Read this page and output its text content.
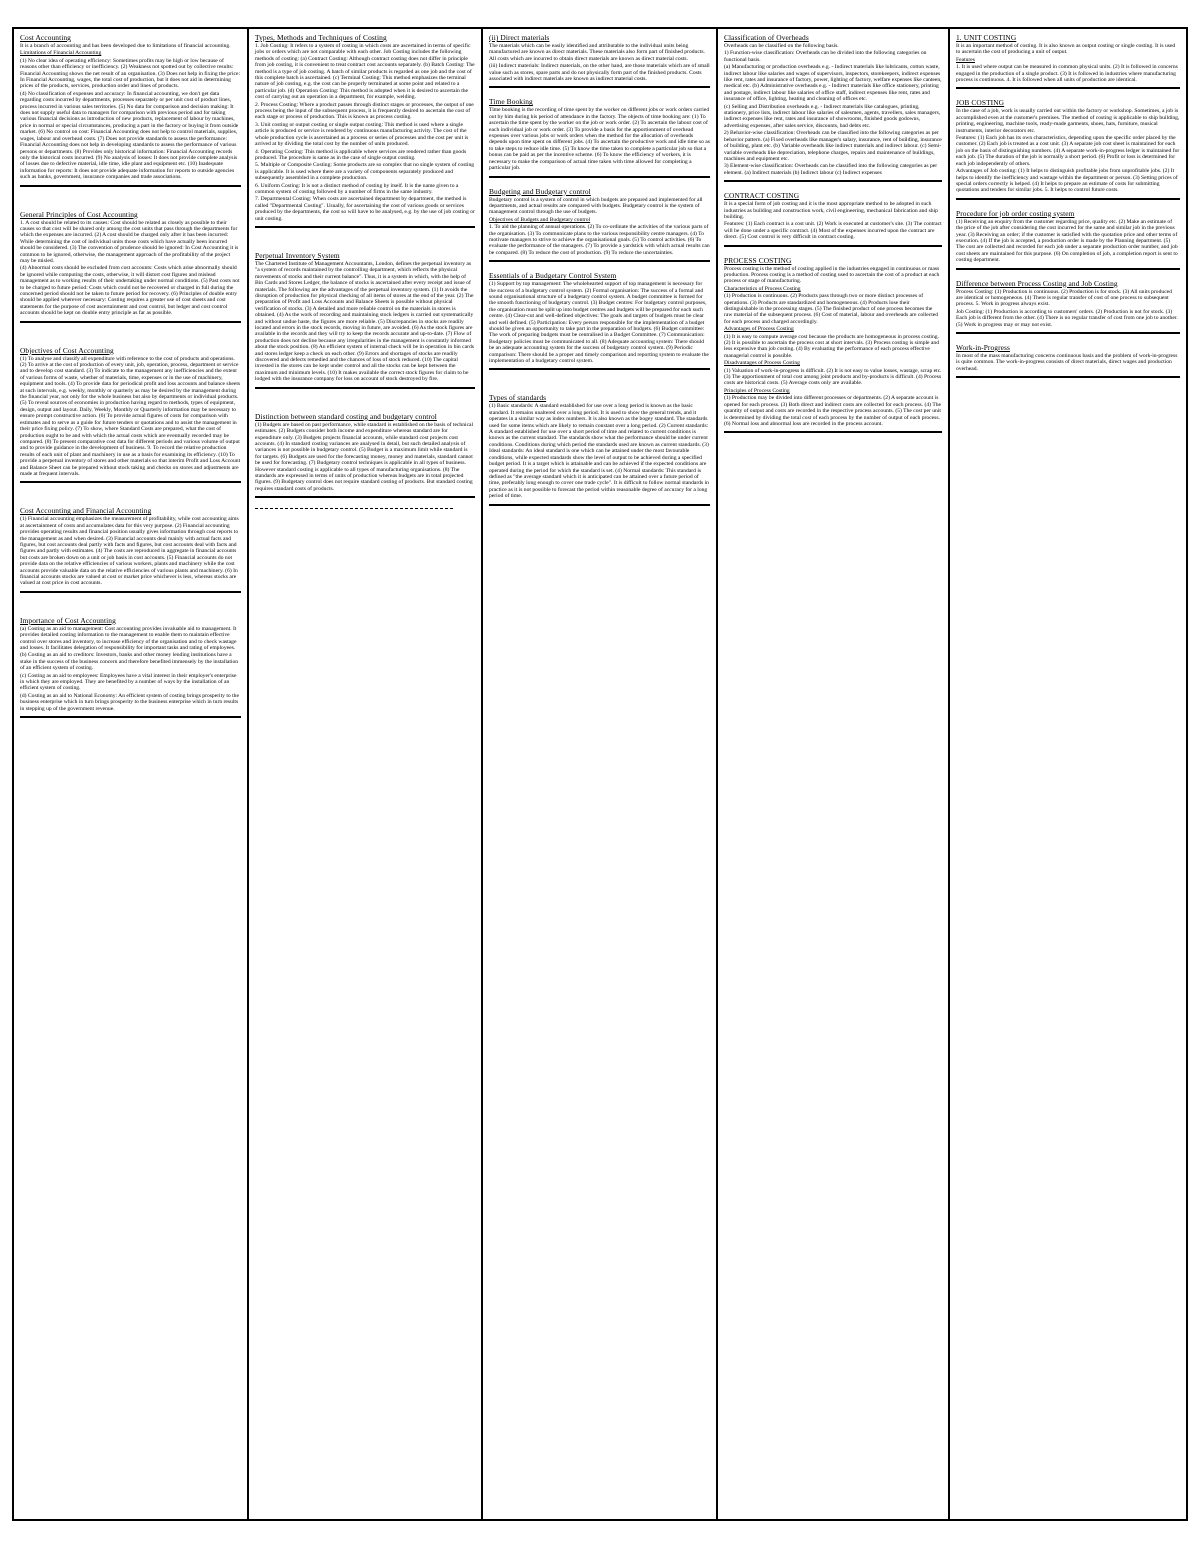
Cost Accounting

It is a branch of accounting and has been developed due to limitations of financial accounting.

Limitations of Financial Accounting

(1) No clear idea of operating efficiency: Sometimes profits may be high or low because of reasons other than efficiency or inefficiency. (2) Weakness not spotted out by collective results: Financial Accounting shows the net result of an organisation. (3) Does not help in fixing the price: In Financial Accounting, wages, the total cost of production, but it does not aid in determining prices of the products, services, production order and lines of products.

(4) No classification of expenses and accuracy: In financial accounting, we don't get data regarding costs incurred by departments, processes separately or per unit cost of product lines, process incurred in various sales territories. (5) No data for comparison and decision making: It does not supply useful data to managers for comparison with previous period and for taking various financial decisions as introduction of new products, replacement of labour by machines, price in normal or special circumstances, producing a part in the factory or buying it from outside market. (6) No control on cost: Financial Accounting does not help to control materials, supplies, wages, labour and overhead costs. (7) Does not provide standards to assess the performance: Financial Accounting does not help in developing standards to assess the performance of various persons or departments. (8) Provides only historical information: Financial Accounting records only the historical costs incurred. (9) No analysis of losses: It does not provide complete analysis of losses due to defective material, idle time, idle plant and equipment etc. (10) Inadequate information for reports: It does not provide adequate information for reports to outside agencies such as banks, government, insurance companies and trade associations.

General Principles of Cost Accounting

1. A cost should be related to its causes: Cost should be related as closely as possible to their causes so that cost will be shared only among the cost units that pass through the departments for which the expenses are incurred. (2) A cost should be charged only after it has been incurred: While determining the cost of individual units those costs which have actually been incurred should be considered. (3) The convention of prudence should be ignored: In Cost Accounting it is common to be ignored, otherwise, the management approach of the profitability of the project may be misled.

(4) Abnormal costs should be excluded from cost accounts: Costs which arise abnormally should be ignored while computing the costs, otherwise, it will distort cost figures and mislead management as to working results of their undertaking under normal conditions. (5) Past costs not to be charged to future period: Costs which could not be recovered or charged in full during the concerned period should not be taken to future period for recovery. (6) Principles of double entry should be applied wherever necessary: Costing requires a greater use of cost sheets and cost statements for the purpose of cost ascertainment and cost control, but ledger and cost control accounts should be kept on double entry principle as far as possible.

Objectives of Cost Accounting

(1) To analyse and classify all expenditure with reference to the cost of products and operations. (2) To arrive at the cost of production of every unit, job, operation, process, department or service and to develop cost standard. (3) To indicate to the management any inefficiencies and the extent of various forms of waste, whether of materials, time, expenses or in the use of machinery, equipment and tools. (4) To provide data for periodical profit and loss accounts and balance sheets at such intervals, e.g. weekly, monthly or quarterly as may be desired by the management during the financial year, not only for the whole business but also by departments or individual products. (5) To reveal sources of economies in production having regard to methods, types of equipment, design, output and layout. Daily, Weekly, Monthly or Quarterly information may be necessary to ensure prompt constructive action. (6) To provide actual figures of costs for comparison with estimates and to serve as a guide for future tenders or quotations and to assist the management in their price fixing policy. (7) To show, where Standard Costs are prepared, what the cost of production ought to be and with which the actual costs which are eventually recorded may be compared. (8) To present comparative cost data for different periods and various volume of output and to provide guidance in the development of business. 9. To record the relative production results of each unit of plant and machinery in use as a basis for examining its efficiency. (10) To provide a perpetual inventory of stores and other materials so that interim Profit and Loss Account and Balance Sheet can be prepared without stock taking and checks on stores and adjustments are made at frequent intervals.

Cost Accounting and Financial Accounting

(1) Financial accounting emphasizes the measurement of profitability, while cost accounting aims at ascertainment of costs and accumulates data for this very purpose. (2) Financial accounting provides operating results and financial position usually gives information through cost reports to the management as and when desired. (3) Financial accounts deal mainly with actual facts and figures, but cost accounts deal partly with facts and figures, but cost accounts deal with facts and figures and partly with estimates. (4) The costs are reproduced in aggregate in financial accounts but costs are broken down on a unit or job basis in cost accounts. (5) Financial accounts do not provide data on the relative efficiencies of various workers, plants and machinery while the cost accounts provide valuable data on the relative efficiencies of various plants and machinery. (6) In financial accounts stocks are valued at cost or market price whichever is less, whereas stocks are valued at cost price in cost accounts.

Importance of Cost Accounting

(a) Costing as an aid to management: Cost accounting provides invaluable aid to management. It provides detailed costing information to the management to enable them to maintain effective control over stores and inventory, to increase efficiency of the organisation and to check wastage and losses. It facilitates delegation of responsibility for important tasks and rating of employees.

(b) Costing as an aid to creditors: Investors, banks and other money lending institutions have a stake in the success of the business concern and therefore benefited immensely by the installation of an efficient system of costing.

(c) Costing as an aid to employees: Employees have a vital interest in their employer's enterprise in which they are employed. They are benefited by a number of ways by the installation of an efficient system of costing.

(d) Costing as an aid to National Economy: An efficient system of costing brings prosperity to the business enterprise which in turn brings prosperity to the business enterprise which in turn results in stepping up of the government revenue.

Types, Methods and Techniques of Costing

1. Job Costing: It refers to a system of costing in which costs are ascertained in terms of specific jobs or orders which are not comparable with each other. Job Costing includes the following methods of costing: (a) Contract Costing: Although contract costing does not differ in principle from job costing, it is convenient to treat contract cost accounts separately. (b) Batch Costing: The method is a type of job costing. A batch of similar products is regarded as one job and the cost of this complete batch is ascertained. (c) Terminal Costing: This method emphasizes the terminal nature of job costing, e.g. the cost can be properly terminated at some point and related to a particular job. (d) Operation Costing: This method is adopted when it is desired to ascertain the cost of carrying out an operation in a department, for example, welding.

2. Process Costing: Where a product passes through distinct stages or processes, the output of one process being the input of the subsequent process, it is frequently desired to ascertain the cost of each stage or process of production. This is known as process costing.

3. Unit costing or output costing or single output costing: This method is used where a single article is produced or service is rendered by continuous manufacturing activity. The cost of the whole production cycle is ascertained as a process or series of processes and the cost per unit is arrived at by dividing the total cost by the number of units produced.

4. Operating Costing: This method is applicable where services are rendered rather than goods produced. The procedure is same as in the case of single output costing.

5. Multiple or Composite Costing: Some products are so complex that no single system of costing is applicable. It is used where there are a variety of components separately produced and subsequently assembled in a complete production.

6. Uniform Costing: It is not a distinct method of costing by itself. It is the name given to a common system of costing followed by a number of firms in the same industry.

7. Departmental Costing: When costs are ascertained department by department, the method is called "Departmental Costing". Usually, for ascertaining the cost of various goods or services produced by the departments, the cost so will have to be analysed, e.g. by the use of job costing or unit costing.

Perpetual Inventory System

The Chartered Institute of Management Accountants, London, defines the perpetual inventory as "a system of records maintained by the controlling department, which reflects the physical movements of stocks and their current balance". Thus, it is a system in which, with the help of Bin Cards and Stores Ledger, the balance of stocks is ascertained after every receipt and issue of materials. The following are the advantages of the perpetual inventory system. (1) It avoids the disruption of production for physical checking of all items of stores at the end of the year. (2) The preparation of Profit and Loss Accounts and Balance Sheets is possible without physical verification of stocks. (3) A detailed and more reliable control on the materials in stores is obtained. (4) As the work of recording and maintaining stock ledgers is carried out systematically and without undue haste, the figures are more reliable. (5) Discrepancies in stocks are readily located and errors in the stock records, moving in future, are avoided. (6) As the stock figures are available in the records and they will try to keep the records accurate and up-to-date. (7) Flow of production does not decline because any irregularities in the management is constantly informed about the stock position. (8) An efficient system of internal check will be in operation in bin cards and stores ledger keep a check on each other. (9) Errors and shortages of stocks are readily discovered and defects remedied and the chances of loss of stock reduced. (10) The capital invested in the stores can be kept under control and all the stocks can be kept between the maximum and minimum levels. (10) It makes available the correct stock figures for claim to be lodged with the insurance company for loss on account of stock destroyed by fire.

Distinction between standard costing and budgetary control

(1) Budgets are based on past performance, while standard is established on the basis of technical estimates. (2) Budgets consider both income and expenditure whereas standard are for expenditure only. (3) Budgets projects financial accounts, while standard cost projects cost accounts. (4) In standard costing variances are analysed in detail, but such detailed analysis of variances is not possible in budgetary control. (5) Budget is a maximum limit while standard is for targets. (6) Budgets are used for the forecasting money, money and materials, standard cannot be used for forecasting. (7) Budgetary control techniques is applicable in all types of business. However standard costing is applicable to all types of manufacturing organisations. (8) The standards are expressed in terms of units of production whereas budgets are in total projected figures. (9) Budgetary control does not require standard costing of products. But standard costing requires standard costs of products.

(ii) Direct materials

The materials which can be easily identified and attributable to the individual units being manufactured are known as direct materials. These materials also form part of finished products. All costs which are incurred to obtain direct materials are known as direct material costs.

(iii) Indirect materials: Indirect materials, on the other hand, are those materials which are of small value such as stores, spare parts and do not physically form part of the finished products. Costs associated with indirect materials are known as indirect material costs.

Time Booking

Time booking is the recording of time spent by the worker on different jobs or work orders carried out by him during his period of attendance in the factory. The objects of time booking are: (1) To ascertain the time spent by the worker on the job or work order. (2) To ascertain the labour cost of each individual job or work order. (3) To provide a basis for the apportionment of overhead expenses over various jobs or work orders when the method for the allocation of overheads depends upon time spent on different jobs. (4) To ascertain the productive work and idle time so as to take steps to reduce idle time. (5) To know the time taken to complete a particular job so that a bonus can be paid as per the incentive scheme. (6) To know the efficiency of workers, it is necessary to make the comparison of actual time taken with time allowed for completing a particular job.

Budgeting and Budgetary control

Budgetary control is a system of control in which budgets are prepared and implemented for all departments, and actual results are compared with budgets. Budgetary control is the system of management control through the use of budgets.

Objectives of Budgets and Budgetary control

1. To aid the planning of annual operations. (2) To co-ordinate the activities of the various parts of the organisation. (3) To communicate plans to the various responsibility centre managers. (4) To motivate managers to strive to achieve the organisational goals. (5) To control activities. (6) To evaluate the performance of the managers. (7) To provide a yardstick with which actual results can be compared. (8) To reduce the cost of production. (9) To reduce the uncertainties.

Essentials of a Budgetary Control System

(1) Support by top management: The wholehearted support of top management is necessary for the success of a budgetary control system. (2) Formal organisation: The success of a formal and sound organisational structure of a budgetary control system. A budget committee is formed for the smooth functioning of budgetary control. (3) Budget centres: For budgetary control purposes, the organisation must be split up into budget centres and budgets will be prepared for each such centre. (4) Clear-cut and well-defined objectives: The goals and targets of budgets must be clear and well defined. (5) Participation: Every person responsible for the implementation of a budget should be given an opportunity to take part in the preparation of budgets. (6) Budget committee: The work of preparing budgets must be centralised in a Budget Committee. (7) Communication: Budgetary policies must be communicated to all. (8) Adequate accounting system: There should be an adequate accounting system for the success of budgetary control system. (9) Periodic comparison: There should be a proper and timely comparison and reporting system to evaluate the implementation of a budgetary control system.

Types of standards

(1) Basic standards: A standard established for use over a long period is known as the basic standard. It remains unaltered over a long period. It is used to show the general trends, and it operates in a similar way as index numbers. It is also known as the bogey standard. The standards used for some items which are likely to remain constant over a long period. (2) Current standards: A standard established for use over a short period of time and related to current conditions is known as the current standard. The standards show what the performance should be under current conditions. Conditions during which period the standards used are known as current standards. (3) Ideal standards: An ideal standard is one which can be attained under the most favourable conditions, while expected standards show the level of output to be achieved during a specified budget period. It is a target which is attainable and can be achieved if the expected conditions are operated during the period for which the standard is set. (4) Normal standards: This standard is defined as "the average standard which it is anticipated can be attained over a future period of time, preferably long enough to cover one trade cycle". It is difficult to follow normal standards in practice as it is not possible to forecast the period within reasonable degree of accuracy for a long period of time.

Classification of Overheads

Overheads can be classified on the following basis.

1) Function-wise classification: Overheads can be divided into the following categories on functional basis.

(a) Manufacturing or production overheads e.g. - Indirect materials like lubricants, cotton waste, indirect labour like salaries and wages of supervisors, inspectors, storekeepers, indirect expenses like rent, rates and insurance of factory, power, lighting of factory, welfare expenses like canteen, medical etc. (b) Administrative overheads e.g. - Indirect materials like office stationery, printing and postage, indirect labour like salaries of office staff, indirect expenses like rent, rates and insurance of office, lighting, heating and cleaning of offices etc.

(c) Selling and Distribution overheads e.g. - Indirect materials like catalogues, printing, stationery, price lists, indirect labour like salaries of salesmen, agents, travellers, sales managers, indirect expenses like rent, rates and insurance of showrooms, finished goods godowns, advertising expenses, after sales service, discounts, bad debts etc.

2) Behavior-wise classification: Overheads can be classified into the following categories as per behavior pattern. (a) Fixed overheads like manager's salary, insurance, rent of building, insurance of building, plant etc. (b) Variable overheads like indirect materials and indirect labour. (c) Semi-variable overheads like depreciation, telephone charges, repairs and maintenance of buildings, machines and equipment etc.

3) Element-wise classification: Overheads can be classified into the following categories as per element. (a) Indirect materials (b) Indirect labour (c) Indirect expenses

CONTRACT COSTING

It is a special form of job costing and it is the most appropriate method to be adopted in such industries as building and construction work, civil engineering, mechanical fabrication and ship building.

Features: (1) Each contract is a cost unit. (2) Work is executed at customer's site. (3) The contract will be done under a specific contract. (4) Most of the expenses incurred upon the contract are direct. (5) Cost control is very difficult in contract costing.

PROCESS COSTING

Process costing is the method of costing applied in the industries engaged in continuous or mass production. Process costing is a method of costing used to ascertain the cost of a product at each process or stage of manufacturing.

Characteristics of Process Costing

(1) Production is continuous. (2) Products pass through two or more distinct processes of operations. (3) Products are standardized and homogeneous. (4) Products lose their distinguishable in the processing stages. (5) The finished product of one process becomes the raw material of the subsequent process. (6) Cost of material, labour and overheads are collected for each process and charged accordingly.

Advantages of Process Costing

(1) It is easy to compute average cost because the products are homogeneous in process costing. (2) It is possible to ascertain the process cost at short intervals. (3) Process costing is simple and less expensive than job costing. (4) By evaluating the performance of each process effective managerial control is possible.

Disadvantages of Process Costing

(1) Valuation of work-in-progress is difficult. (2) It is not easy to value losses, wastage, scrap etc. (3) The apportionment of total cost among joint products and by-products is difficult. (4) Process costs are historical costs. (5) Average costs only are available.

Principles of Process Costing

(1) Production may be divided into different processes or departments. (2) A separate account is opened for each process. (3) Both direct and indirect costs are collected for each process. (4) The quantity of output and costs are recorded in the respective process accounts. (5) The cost per unit is determined by dividing the total cost of each process by the number of output of each process. (6) Normal loss and abnormal loss are recorded in the process account.

1. UNIT COSTING

It is an important method of costing. It is also known as output costing or single costing. It is used to ascertain the cost of producing a unit of output.

Features

1. It is used where output can be measured in common physical units. (2) It is followed in concerns engaged in the production of a single product. (3) It is followed in industries where manufacturing process is continuous. 4. It is followed when all units of production are identical.

JOB COSTING

In the case of a job, work is usually carried out within the factory or workshop. Sometimes, a job is accomplished even at the customer's premises. The method of costing is applicable to ship building, printing, engineering, machine tools, ready-made garments, shoes, hats, furniture, musical instruments, interior decorators etc.

Features: (1) Each job has its own characteristics, depending upon the specific order placed by the customer. (2) Each job is treated as a cost unit. (3) A separate job cost sheet is maintained for each job on the basis of distinguishing numbers. (4) A separate work-in-progress ledger is maintained for each job. (5) The duration of the job is normally a short period. (6) Profit or loss is determined for each job independently of others.

Advantages of Job costing: (1) It helps to distinguish profitable jobs from unprofitable jobs. (2) It helps to identify the inefficiency and wastage within the department or person. (3) Setting prices of special orders correctly is helped. (4) It helps to prepare an estimate of costs for submitting quotations and tenders for similar jobs. 5. It helps to control future costs.

Procedure for job order costing system

(1) Receiving an enquiry from the customer regarding price, quality etc. (2) Make an estimate of the price of the job after considering the cost incurred for the same and similar job in the previous year. (3) Receiving an order; if the customer is satisfied with the quotation price and other terms of execution. (4) If the job is accepted, a production order is made by the Planning department. (5) The cost are collected and recorded for each job under a separate production order number, and job cost sheets are maintained for this purpose. (6) On completion of job, a completion report is sent to costing department.

Difference between Process Costing and Job Costing

Process Costing: (1) Production is continuous. (2) Production is for stock. (3) All units produced are identical or homogeneous. (4) There is regular transfer of cost of one process to subsequent process. 5. Work in progress always exist.

Job Costing: (1) Production is according to customers' orders. (2) Production is not for stock. (3) Each job is different from the other. (4) There is no regular transfer of cost from one job to another. (5) Work in progress may or may not exist.

Work-in-Progress

In most of the mass manufacturing concerns continuous basis and the problem of work-in-progress is quite common. The work-in-progress consists of direct materials, direct wages and production overhead.
